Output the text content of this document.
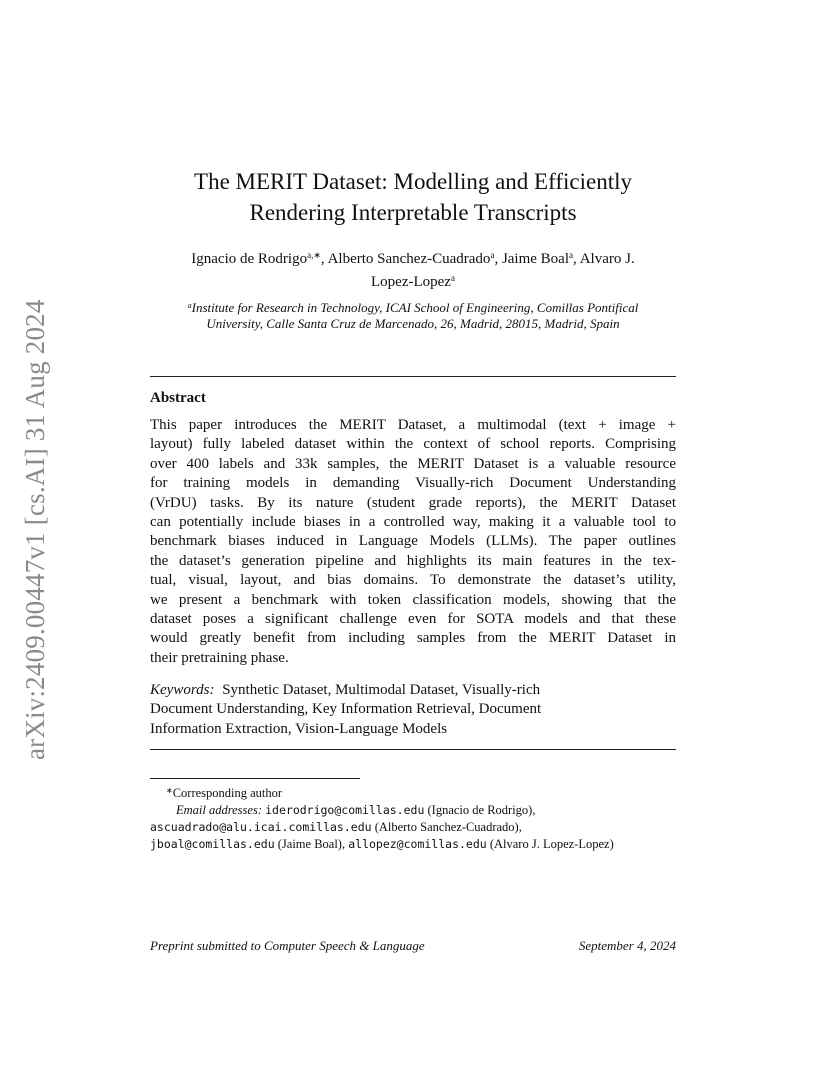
arXiv:2409.00447v1 [cs.AI] 31 Aug 2024
The MERIT Dataset: Modelling and Efficiently
Rendering Interpretable Transcripts
Ignacio de Rodrigo$^{a,∗}$, Alberto Sanchez-Cuadrado$^a$, Jaime Boal$^a$, Alvaro J.
Lopez-Lopez$^a$
$^a$Institute for Research in Technology, ICAI School of Engineering, Comillas Pontifical
University, Calle Santa Cruz de Marcenado, 26, Madrid, 28015, Madrid, Spain
Abstract
This paper introduces the MERIT Dataset, a multimodal (text + image +
layout) fully labeled dataset within the context of school reports. Comprising
over 400 labels and 33k samples, the MERIT Dataset is a valuable resource
for training models in demanding Visually-rich Document Understanding
(VrDU) tasks. By its nature (student grade reports), the MERIT Dataset
can potentially include biases in a controlled way, making it a valuable tool to
benchmark biases induced in Language Models (LLMs). The paper outlines
the dataset’s generation pipeline and highlights its main features in the tex-
tual, visual, layout, and bias domains. To demonstrate the dataset’s utility,
we present a benchmark with token classification models, showing that the
dataset poses a significant challenge even for SOTA models and that these
would greatly benefit from including samples from the MERIT Dataset in
their pretraining phase.
Keywords: Synthetic Dataset, Multimodal Dataset, Visually-rich
Document Understanding, Key Information Retrieval, Document
Information Extraction, Vision-Language Models
∗Corresponding author
Email addresses: iderodrigo@comillas.edu (Ignacio de Rodrigo),
ascuadrado@alu.icai.comillas.edu (Alberto Sanchez-Cuadrado),
jboal@comillas.edu (Jaime Boal), allopez@comillas.edu (Alvaro J. Lopez-Lopez)
Preprint submitted to Computer Speech & Language	September 4, 2024
